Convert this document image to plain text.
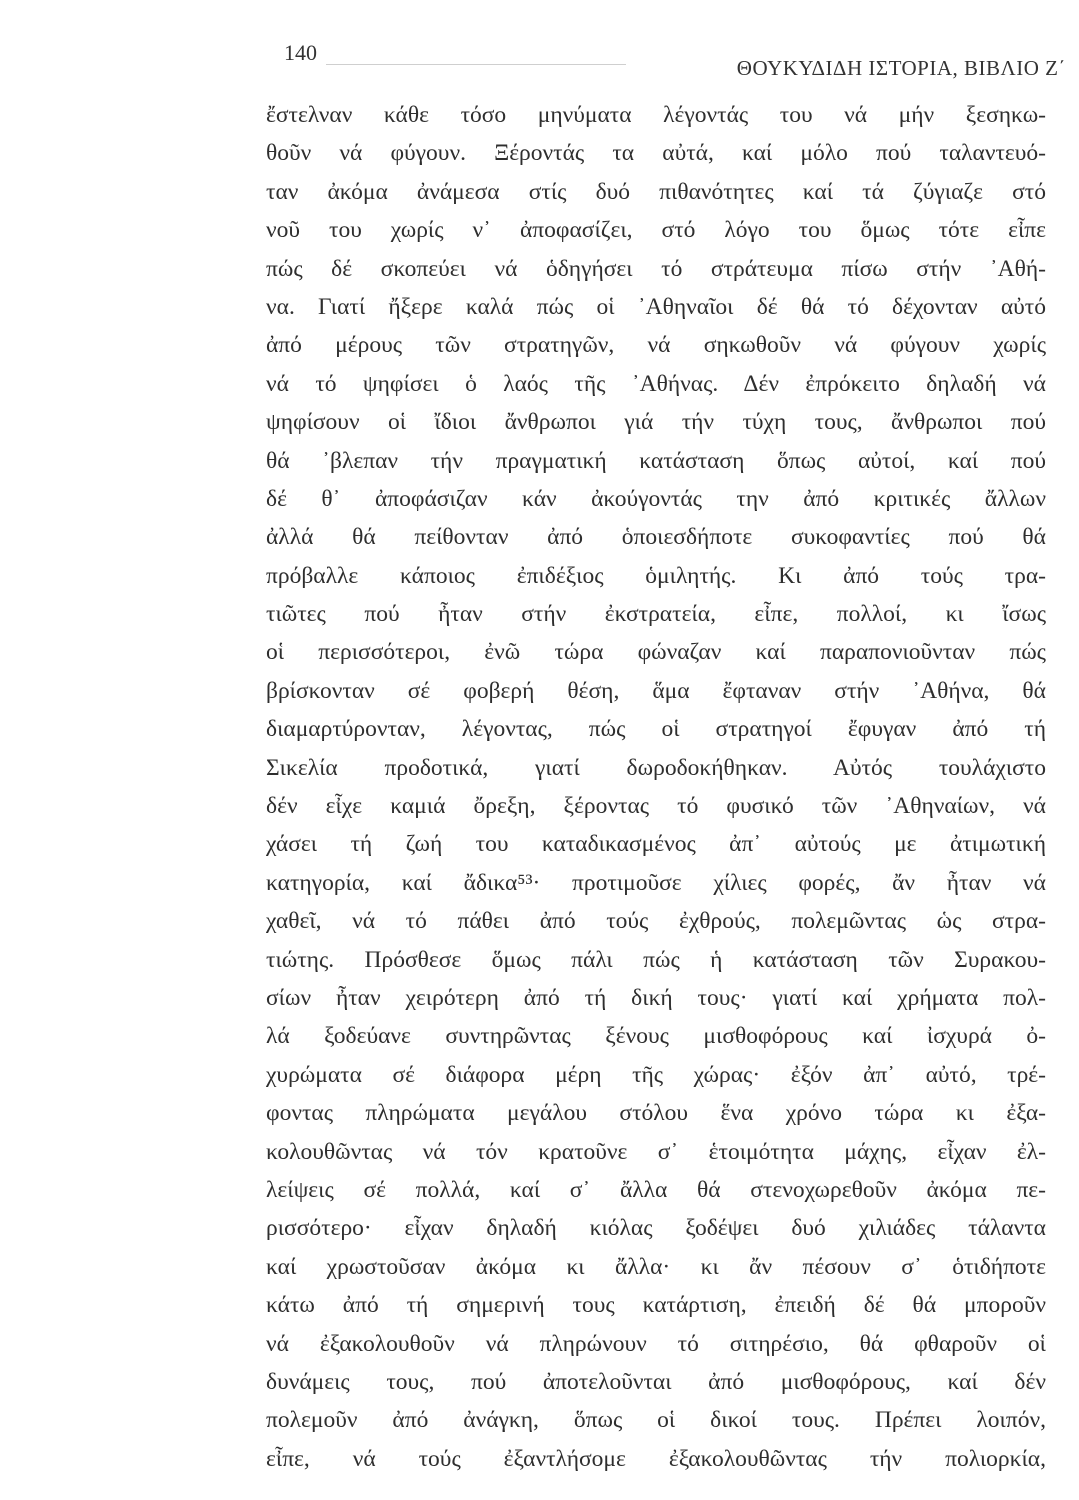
140
ΘΟΥΚΥΔΙΔΗ ΙΣΤΟΡΙΑ, ΒΙΒΛΙΟ Ζ΄
ἔστελναν κάθε τόσο μηνύματα λέγοντάς του νά μήν ξεσηκω-
θοῦν νά φύγουν. Ξέροντάς τα αὐτά, καί μόλο πού ταλαντευό-
ταν ἀκόμα ἀνάμεσα στίς δυό πιθανότητες καί τά ζύγιαζε στό
νοῦ του χωρίς ν᾽ ἀποφασίζει, στό λόγο του ὅμως τότε εἶπε
πώς δέ σκοπεύει νά ὁδηγήσει τό στράτευμα πίσω στήν ᾽Αθή-
να. Γιατί ἤξερε καλά πώς οἱ ᾽Αθηναῖοι δέ θά τό δέχονταν αὐτό
ἀπό μέρους τῶν στρατηγῶν, νά σηκωθοῦν νά φύγουν χωρίς
νά τό ψηφίσει ὁ λαός τῆς ᾽Αθήνας. Δέν ἐπρόκειτο δηλαδή νά
ψηφίσουν οἱ ἴδιοι ἄνθρωποι γιά τήν τύχη τους, ἄνθρωποι πού
θά ᾽βλεπαν τήν πραγματική κατάσταση ὅπως αὐτοί, καί πού
δέ θ᾽ ἀποφάσιζαν κάν ἀκούγοντάς την ἀπό κριτικές ἄλλων
ἀλλά θά πείθονταν ἀπό ὁποιεσδήποτε συκοφαντίες πού θά
πρόβαλλε κάποιος ἐπιδέξιος ὁμιλητής. Κι ἀπό τούς τρα-
τιῶτες πού ἦταν στήν ἐκστρατεία, εἶπε, πολλοί, κι ἴσως
οἱ περισσότεροι, ἐνῶ τώρα φώναζαν καί παραπονιοῦνταν πώς
βρίσκονταν σέ φοβερή θέση, ἅμα ἔφταναν στήν ᾽Αθήνα, θά
διαμαρτύρονταν, λέγοντας, πώς οἱ στρατηγοί ἔφυγαν ἀπό τή
Σικελία προδοτικά, γιατί δωροδοκήθηκαν. Αὐτός τουλάχιστο
δέν εἶχε καμιά ὄρεξη, ξέροντας τό φυσικό τῶν ᾽Αθηναίων, νά
χάσει τή ζωή του καταδικασμένος ἀπ᾽ αὐτούς με ἀτιμωτική
κατηγορία, καί ἄδικα⁵³· προτιμοῦσε χίλιες φορές, ἄν ἦταν νά
χαθεῖ, νά τό πάθει ἀπό τούς ἐχθρούς, πολεμῶντας ὡς στρα-
τιώτης. Πρόσθεσε ὅμως πάλι πώς ἡ κατάσταση τῶν Συρακου-
σίων ἦταν χειρότερη ἀπό τή δική τους· γιατί καί χρήματα πολ-
λά ξοδεύανε συντηρῶντας ξένους μισθοφόρους καί ἰσχυρά ὀ-
χυρώματα σέ διάφορα μέρη τῆς χώρας· ἐξόν ἀπ᾽ αὐτό, τρέ-
φοντας πληρώματα μεγάλου στόλου ἕνα χρόνο τώρα κι ἐξα-
κολουθῶντας νά τόν κρατοῦνε σ᾽ ἑτοιμότητα μάχης, εἶχαν ἐλ-
λείψεις σέ πολλά, καί σ᾽ ἄλλα θά στενοχωρεθοῦν ἀκόμα πε-
ρισσότερο· εἶχαν δηλαδή κιόλας ξοδέψει δυό χιλιάδες τάλαντα
καί χρωστοῦσαν ἀκόμα κι ἄλλα· κι ἄν πέσουν σ᾽ ὁτιδήποτε
κάτω ἀπό τή σημερινή τους κατάρτιση, ἐπειδή δέ θά μποροῦν
νά ἐξακολουθοῦν νά πληρώνουν τό σιτηρέσιο, θά φθαροῦν οἱ
δυνάμεις τους, πού ἀποτελοῦνται ἀπό μισθοφόρους, καί δέν
πολεμοῦν ἀπό ἀνάγκη, ὅπως οἱ δικοί τους. Πρέπει λοιπόν,
εἶπε, νά τούς ἐξαντλήσομε ἐξακολουθῶντας τήν πολιορκία,
